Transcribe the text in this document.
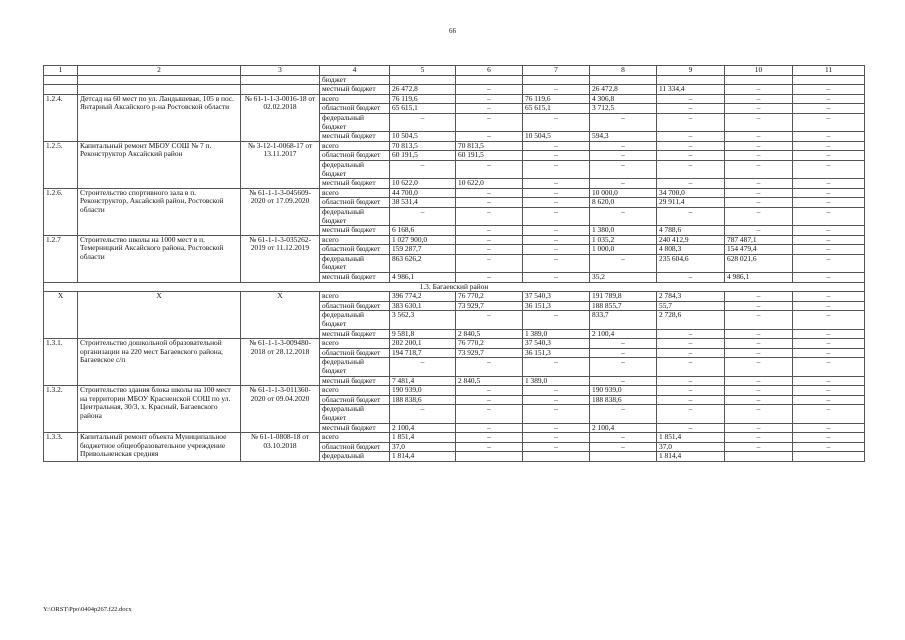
66
1	2	3	4	5	6	7	8	9	10	11
			бюджет							
			местный бюджет	26 472,8	–	–	26 472,8	11 334,4	–	–
1.2.4.	Детсад на 60 мест по ул. Ландышевая, 105 в пос. Янтарный Аксайского р-на Ростовской области	№ 61-1-1-3-0016-18 от 02.02.2018	всего	76 119,6	–	76 119,6	4 306,8	–	–	–
			областной бюджет	65 615,1	–	65 615,1	3 712,5	–	–	–
			федеральный бюджет	–	–	–	–	–	–	–
			местный бюджет	10 504,5	–	10 504,5	594,3	–	–	–
1.2.5.	Капитальный ремонт МБОУ СОШ № 7 п. Реконструктор Аксайский район	№ 3-12-1-0068-17 от 13.11.2017	всего	70 813,5	70 813,5	–	–	–	–	–
			областной бюджет	60 191,5	60 191,5	–	–	–	–	–
			федеральный бюджет	–	–	–	–	–	–	–
			местный бюджет	10 622,0	10 622,0	–	–	–	–	–
1.2.6.	Строительство спортивного зала в п. Реконструктор, Аксайский район, Ростовской области	№ 61-1-1-3-045609-2020 от 17.09.2020	всего	44 700,0	–	–	10 000,0	34 700,0	–	–
			областной бюджет	38 531,4	–	–	8 620,0	29 911,4	–	–
			федеральный бюджет	–	–	–	–	–	–	–
			местный бюджет	6 168,6	–	–	1 380,0	4 788,6	–	–
1.2.7	Строительство школы на 1000 мест в п. Темерницкий Аксайского района, Ростовской области	№ 61-1-1-3-035262-2019 от 11.12.2019	всего	1 027 900,0	–	–	1 035,2	240 412,9	787 487,1	–
			областной бюджет	159 287,7	–	–	1 000,0	4 808,3	154 479,4	–
			федеральный бюджет	863 626,2	–	–	–	235 604,6	628 021,6	–
			местный бюджет	4 986,1	–	–	35,2	–	4 986,1	–
1.3. Багаевский район										
Х	Х	Х	всего	396 774,2	76 770,2	37 540,3	191 789,8	2 784,3	–	–
			областной бюджет	383 630,1	73 929,7	36 151,3	188 855,7	55,7	–	–
			федеральный бюджет	3 562,3	–	–	833,7	2 728,6	–	–
			местный бюджет	9 581,8	2 840,5	1 389,0	2 100,4	–	–	–
1.3.1.	Строительство дошкольной образовательной организации на 220 мест Багаевского района, Багаевское с/п	№ 61-1-1-3-009480-2018 от 28.12.2018	всего	202 200,1	76 770,2	37 540,3	–	–	–	–
			областной бюджет	194 718,7	73 929,7	36 151,3	–	–	–	–
			федеральный бюджет	–	–	–	–	–	–	–
			местный бюджет	7 481,4	2 840,5	1 389,0	–	–	–	–
1.3.2.	Строительство здания блока школы на 100 мест на территории МБОУ Красненской СОШ по ул. Центральная, 30/3, х. Красный, Багаевского района	№ 61-1-1-3-011360-2020 от 09.04.2020	всего	190 939,0	–	–	190 939,0	–	–	–
			областной бюджет	188 838,6	–	–	188 838,6	–	–	–
			федеральный бюджет	–	–	–	–	–	–	–
			местный бюджет	2 100,4	–	–	2 100,4	–	–	–
1.3.3.	Капитальный ремонт объекта Муниципальное бюджетное общеобразовательное учреждение Привольненская средняя	№ 61-1-0808-18 от 03.10.2018	всего	1 851,4	–	–	–	1 851,4	–	–
			областной бюджет	37,0	–	–	–	37,0	–	–
			федеральный	1 814,4				1 814,4		
Y:\ORST\Ppo\0404p267.f22.docx
